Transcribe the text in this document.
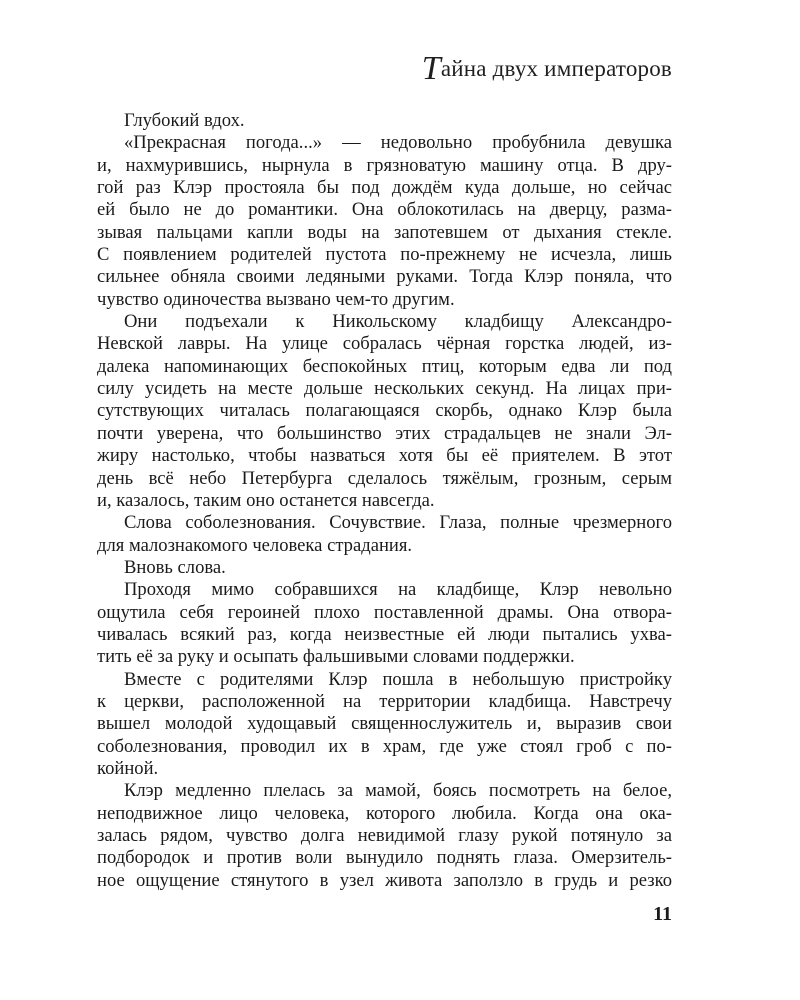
Тайна двух императоров
Глубокий вдох.
«Прекрасная погода...» — недовольно пробубнила девушка
и, нахмурившись, нырнула в грязноватую машину отца. В дру-
гой раз Клэр простояла бы под дождём куда дольше, но сейчас
ей было не до романтики. Она облокотилась на дверцу, разма-
зывая пальцами капли воды на запотевшем от дыхания стекле.
С появлением родителей пустота по-прежнему не исчезла, лишь
сильнее обняла своими ледяными руками. Тогда Клэр поняла, что
чувство одиночества вызвано чем-то другим.
Они подъехали к Никольскому кладбищу Александро-
Невской лавры. На улице собралась чёрная горстка людей, из-
далека напоминающих беспокойных птиц, которым едва ли под
силу усидеть на месте дольше нескольких секунд. На лицах при-
сутствующих читалась полагающаяся скорбь, однако Клэр была
почти уверена, что большинство этих страдальцев не знали Эл-
жиру настолько, чтобы назваться хотя бы её приятелем. В этот
день всё небо Петербурга сделалось тяжёлым, грозным, серым
и, казалось, таким оно останется навсегда.
Слова соболезнования. Сочувствие. Глаза, полные чрезмерного
для малознакомого человека страдания.
Вновь слова.
Проходя мимо собравшихся на кладбище, Клэр невольно
ощутила себя героиней плохо поставленной драмы. Она отвора-
чивалась всякий раз, когда неизвестные ей люди пытались ухва-
тить её за руку и осыпать фальшивыми словами поддержки.
Вместе с родителями Клэр пошла в небольшую пристройку
к церкви, расположенной на территории кладбища. Навстречу
вышел молодой худощавый священнослужитель и, выразив свои
соболезнования, проводил их в храм, где уже стоял гроб с по-
койной.
Клэр медленно плелась за мамой, боясь посмотреть на белое,
неподвижное лицо человека, которого любила. Когда она ока-
залась рядом, чувство долга невидимой глазу рукой потянуло за
подбородок и против воли вынудило поднять глаза. Омерзитель-
ное ощущение стянутого в узел живота заползло в грудь и резко
11
